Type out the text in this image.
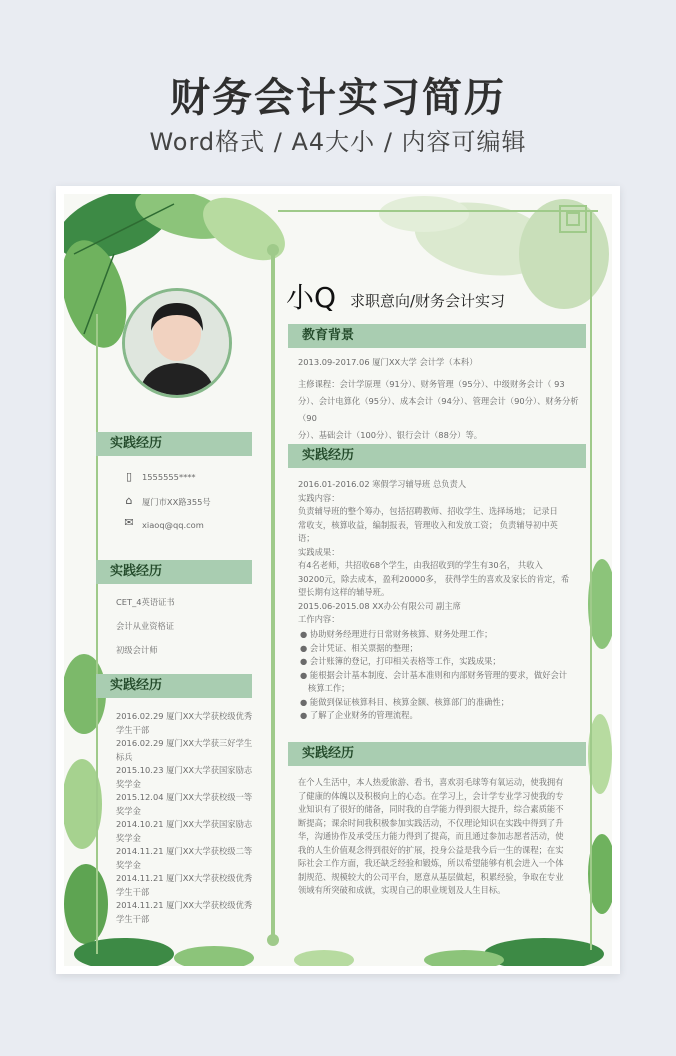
财务会计实习简历
Word格式 / A4大小 / 内容可编辑
小Q 求职意向/财务会计实习
实践经历
▯	1555555****
⌂	厦门市XX路355号
✉ xiaoq@qq.com
实践经历
CET_4英语证书
会计从业资格证
初级会计师
实践经历
2016.02.29 厦门XX大学获校级优秀
学生干部
2016.02.29 厦门XX大学获三好学生
标兵
2015.10.23 厦门XX大学获国家励志
奖学金
2015.12.04 厦门XX大学获校级一等
奖学金
2014.10.21 厦门XX大学获国家励志
奖学金
2014.11.21 厦门XX大学获校级二等
奖学金
2014.11.21 厦门XX大学获校级优秀
学生干部
2014.11.21 厦门XX大学获校级优秀
学生干部
教育背景
2013.09-2017.06 厦门XX大学 会计学（本科）
主修课程：会计学原理（91分）、财务管理（95分）、中级财务会计（ 93
分）、会计电算化（95分）、成本会计（94分）、管理会计（90分）、财务分析（90
分）、基础会计（100分）、银行会计（88分）等。
实践经历
2016.01-2016.02 寒假学习辅导班 总负责人
实践内容：
负责辅导班的整个筹办，包括招聘教师、招收学生、选择场地； 记录日
常收支，核算收益，编制报表，管理收入和发放工资； 负责辅导初中英
语；
实践成果：
有4名老师，共招收68个学生，由我招收到的学生有30名， 共收入
30200元，除去成本，盈利20000多， 获得学生的喜欢及家长的肯定，希
望长期有这样的辅导班。
2015.06-2015.08 XX办公有限公司 副主席
工作内容：
● 协助财务经理进行日常财务核算、财务处理工作；
● 会计凭证、相关票据的整理；
● 会计账簿的登记，打印相关表格等工作，实践成果；
● 能根据会计基本制度、会计基本准则和内部财务管理的要求，做好会计
核算工作；
● 能做到保证核算科目、核算金额、核算部门的准确性；
● 了解了企业财务的管理流程。
实践经历
在个人生活中，本人热爱旅游、看书，喜欢羽毛球等有氧运动，使我拥有
了健康的体魄以及积极向上的心态。在学习上，会计学专业学习使我的专
业知识有了很好的储备，同时我的自学能力得到很大提升，综合素质能不
断提高；课余时间我积极参加实践活动，不仅理论知识在实践中得到了升
华，沟通协作及承受压力能力得到了提高，而且通过参加志愿者活动，使
我的人生价值观念得到很好的扩展，投身公益是我今后一生的课程；在实
际社会工作方面，我还缺乏经验和锻炼，所以希望能够有机会进入一个体
制规范、规模较大的公司平台，愿意从基层做起，积累经验，争取在专业
领域有所突破和成就，实现自己的职业规划及人生目标。
